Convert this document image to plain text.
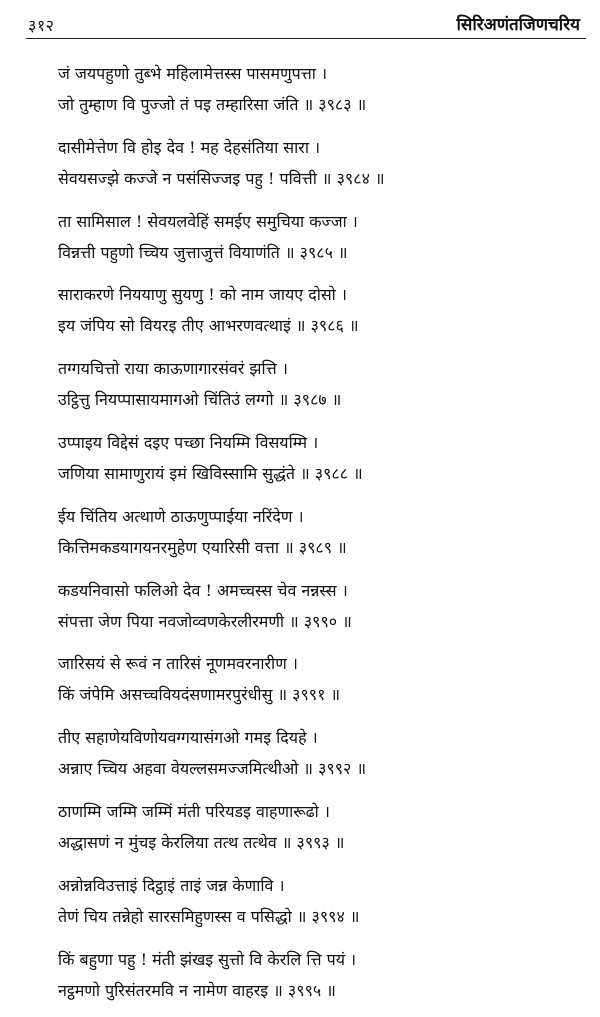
३१२	सिरिअणंतजिणचरिय
जं जयपहुणो तुब्भे महिलामेत्तस्स पासमणुपत्ता ।
जो तुम्हाण वि पुज्जो तं पइ तम्हारिसा जंति ॥ ३९८३ ॥
दासीमेत्तेण वि होइ देव ! मह देहसंतिया सारा ।
सेवयसज्झे कज्जे न पसंसिज्जइ पहु ! पवित्ती ॥ ३९८४ ॥
ता सामिसाल ! सेवयलवेहिं समईए समुचिया कज्जा ।
विन्नत्ती पहुणो च्चिय जुत्ताजुत्तं वियाणंति ॥ ३९८५ ॥
साराकरणे निययाणु सुयणु ! को नाम जायए दोसो ।
इय जंपिय सो वियरइ तीए आभरणवत्थाइं ॥ ३९८६ ॥
तग्गयचित्तो राया काऊणागारसंवरं झत्ति ।
उट्ठित्तु नियप्पासायमागओ चिंतिउं लग्गो ॥ ३९८७ ॥
उप्पाइय विद्देसं दइए पच्छा नियम्मि विसयम्मि ।
जणिया सामाणुरायं इमं खिविस्सामि सुद्धंते ॥ ३९८८ ॥
ईय चिंतिय अत्थाणे ठाऊणुप्पाईया नरिंदेण ।
कित्तिमकडयागयनरमुहेण एयारिसी वत्ता ॥ ३९८९ ॥
कडयनिवासो फलिओ देव ! अमच्चस्स चेव नन्नस्स ।
संपत्ता जेण पिया नवजोव्वणकेरलीरमणी ॥ ३९९० ॥
जारिसयं से रूवं न तारिसं नूणमवरनारीण ।
किं जंपेमि असच्चवियदंसणामरपुरंधीसु ॥ ३९९१ ॥
तीए सहाणेयविणोयवग्गयासंगओ गमइ दियहे ।
अन्नाए च्चिय अहवा वेयल्लसमज्जमित्थीओ ॥ ३९९२ ॥
ठाणम्मि जम्मि जम्मिं मंती परियडइ वाहणारूढो ।
अद्धासणं न मुंचइ केरलिया तत्थ तत्थेव ॥ ३९९३ ॥
अन्नोन्नविउत्ताइं दिट्ठाइं ताइं जन्न केणावि ।
तेणं चिय तन्नेहो सारसमिहुणस्स व पसिद्धो ॥ ३९९४ ॥
किं बहुणा पहु ! मंती झंखइ सुत्तो वि केरलि त्ति पयं ।
नट्ठमणो पुरिसंतरमवि न नामेण वाहरइ ॥ ३९९५ ॥
